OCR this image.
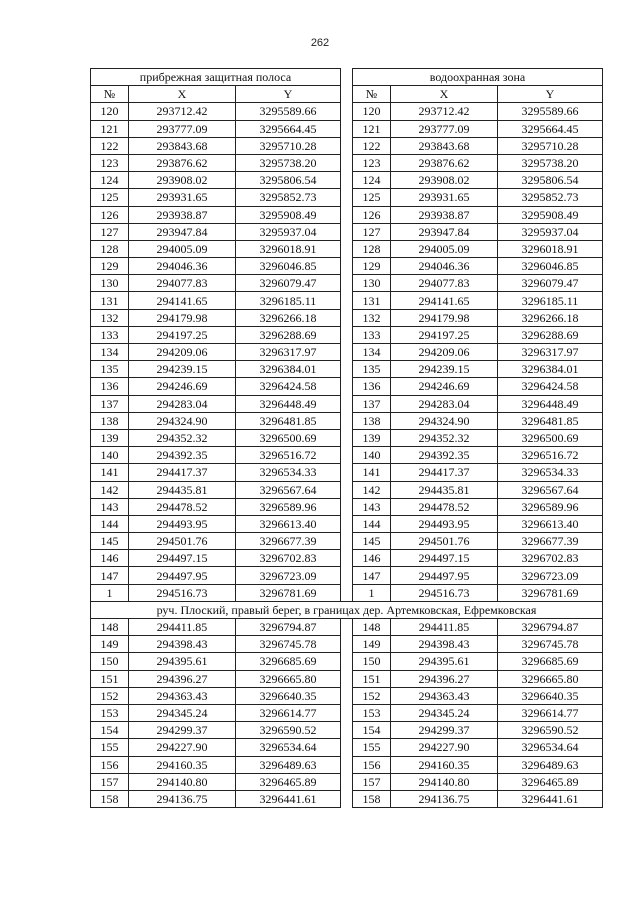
262
прибрежная защитная полоса				водоохранная зона		
№	X	Y		№	X	Y
120	293712.42	3295589.66		120	293712.42	3295589.66
121	293777.09	3295664.45		121	293777.09	3295664.45
122	293843.68	3295710.28		122	293843.68	3295710.28
123	293876.62	3295738.20		123	293876.62	3295738.20
124	293908.02	3295806.54		124	293908.02	3295806.54
125	293931.65	3295852.73		125	293931.65	3295852.73
126	293938.87	3295908.49		126	293938.87	3295908.49
127	293947.84	3295937.04		127	293947.84	3295937.04
128	294005.09	3296018.91		128	294005.09	3296018.91
129	294046.36	3296046.85		129	294046.36	3296046.85
130	294077.83	3296079.47		130	294077.83	3296079.47
131	294141.65	3296185.11		131	294141.65	3296185.11
132	294179.98	3296266.18		132	294179.98	3296266.18
133	294197.25	3296288.69		133	294197.25	3296288.69
134	294209.06	3296317.97		134	294209.06	3296317.97
135	294239.15	3296384.01		135	294239.15	3296384.01
136	294246.69	3296424.58		136	294246.69	3296424.58
137	294283.04	3296448.49		137	294283.04	3296448.49
138	294324.90	3296481.85		138	294324.90	3296481.85
139	294352.32	3296500.69		139	294352.32	3296500.69
140	294392.35	3296516.72		140	294392.35	3296516.72
141	294417.37	3296534.33		141	294417.37	3296534.33
142	294435.81	3296567.64		142	294435.81	3296567.64
143	294478.52	3296589.96		143	294478.52	3296589.96
144	294493.95	3296613.40		144	294493.95	3296613.40
145	294501.76	3296677.39		145	294501.76	3296677.39
146	294497.15	3296702.83		146	294497.15	3296702.83
147	294497.95	3296723.09		147	294497.95	3296723.09
1	294516.73	3296781.69		1	294516.73	3296781.69
руч. Плоский, правый берег, в границах дер. Артемковская, Ефремковская						
148	294411.85	3296794.87		148	294411.85	3296794.87
149	294398.43	3296745.78		149	294398.43	3296745.78
150	294395.61	3296685.69		150	294395.61	3296685.69
151	294396.27	3296665.80		151	294396.27	3296665.80
152	294363.43	3296640.35		152	294363.43	3296640.35
153	294345.24	3296614.77		153	294345.24	3296614.77
154	294299.37	3296590.52		154	294299.37	3296590.52
155	294227.90	3296534.64		155	294227.90	3296534.64
156	294160.35	3296489.63		156	294160.35	3296489.63
157	294140.80	3296465.89		157	294140.80	3296465.89
158	294136.75	3296441.61		158	294136.75	3296441.61
